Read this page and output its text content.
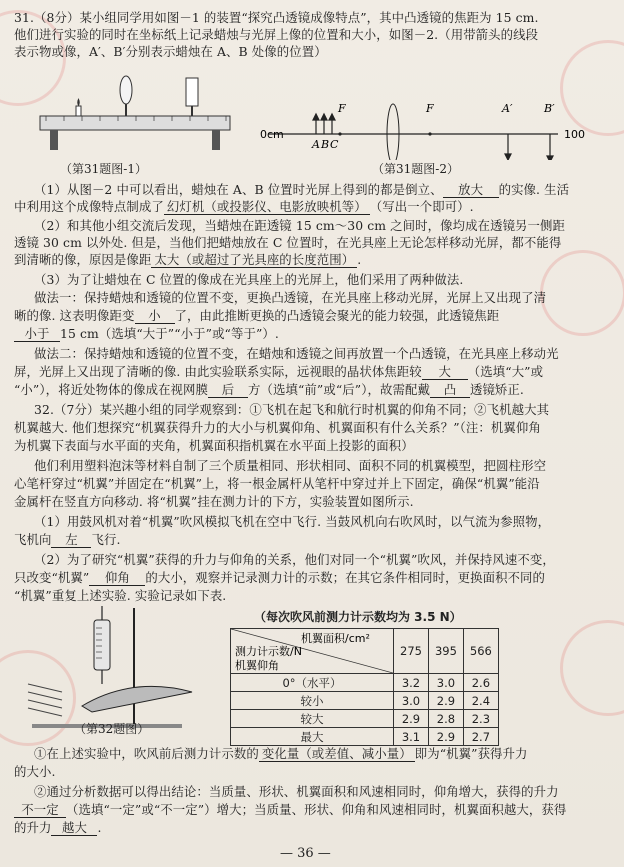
31.（8分）某小组同学用如图－1 的装置“探究凸透镜成像特点”，其中凸透镜的焦距为 15 cm.
他们进行实验的同时在坐标纸上记录蜡烛与光屏上像的位置和大小，如图－2.（用带箭头的线段
表示物或像，A′、B′分别表示蜡烛在 A、B 处像的位置）
（第31题图-1）
0cm	100
A B C
F	F	A′	B′
（第31题图-2）
（1）从图－2 中可以看出，蜡烛在 A、B 位置时光屏上得到的都是倒立、 放大 的实像. 生活
中利用这个成像特点制成了 幻灯机（或投影仪、电影放映机等） （写出一个即可）.
（2）和其他小组交流后发现，当蜡烛在距透镜 15 cm～30 cm 之间时，像均成在透镜另一侧距
透镜 30 cm 以外处. 但是，当他们把蜡烛放在 C 位置时，在光具座上无论怎样移动光屏，都不能得
到清晰的像，原因是像距 太大（或超过了光具座的长度范围） .
（3）为了让蜡烛在 C 位置的像成在光具座上的光屏上，他们采用了两种做法.
做法一：保持蜡烛和透镜的位置不变，更换凸透镜，在光具座上移动光屏，光屏上又出现了清
晰的像. 这表明像距变 小 了，由此推断更换的凸透镜会聚光的能力较强，此透镜焦距
小于 15 cm（选填“大于”“小于”或“等于”）.
做法二：保持蜡烛和透镜的位置不变，在蜡烛和透镜之间再放置一个凸透镜，在光具座上移动光
屏，光屏上又出现了清晰的像. 由此实验联系实际，远视眼的晶状体焦距较 大 （选填“大”或
“小”），将近处物体的像成在视网膜 后 方（选填“前”或“后”），故需配戴 凸 透镜矫正.
32.（7分）某兴趣小组的同学观察到：①飞机在起飞和航行时机翼的仰角不同；②飞机越大其
机翼越大. 他们想探究“机翼获得升力的大小与机翼仰角、机翼面积有什么关系？”（注：机翼仰角
为机翼下表面与水平面的夹角，机翼面积指机翼在水平面上投影的面积）
他们利用塑料泡沫等材料自制了三个质量相同、形状相同、面积不同的机翼模型，把圆柱形空
心笔杆穿过“机翼”并固定在“机翼”上，将一根金属杆从笔杆中穿过并上下固定，确保“机翼”能沿
金属杆在竖直方向移动. 将“机翼”挂在测力计的下方，实验装置如图所示.
（1）用鼓风机对着“机翼”吹风模拟飞机在空中飞行. 当鼓风机向右吹风时，以气流为参照物，
飞机向 左 飞行.
（2）为了研究“机翼”获得的升力与仰角的关系，他们对同一个“机翼”吹风，并保持风速不变，
只改变“机翼” 仰角 的大小，观察并记录测力计的示数；在其它条件相同时，更换面积不同的
“机翼”重复上述实验. 实验记录如下表.
（第32题图）
（每次吹风前测力计示数均为 3.5 N）
机翼面积/cm²
测力计示数/N
机翼仰角	275	395	566
0°（水平）	3.2	3.0	2.6
较小	3.0	2.9	2.4
较大	2.9	2.8	2.3
最大	3.1	2.9	2.7
①在上述实验中，吹风前后测力计示数的 变化量（或差值、减小量） 即为“机翼”获得升力
的大小.
②通过分析数据可以得出结论：当质量、形状、机翼面积和风速相同时，仰角增大，获得的升力
不一定 （选填“一定”或“不一定”）增大；当质量、形状、仰角和风速相同时，机翼面积越大，获得
的升力 越大 .
— 36 —
